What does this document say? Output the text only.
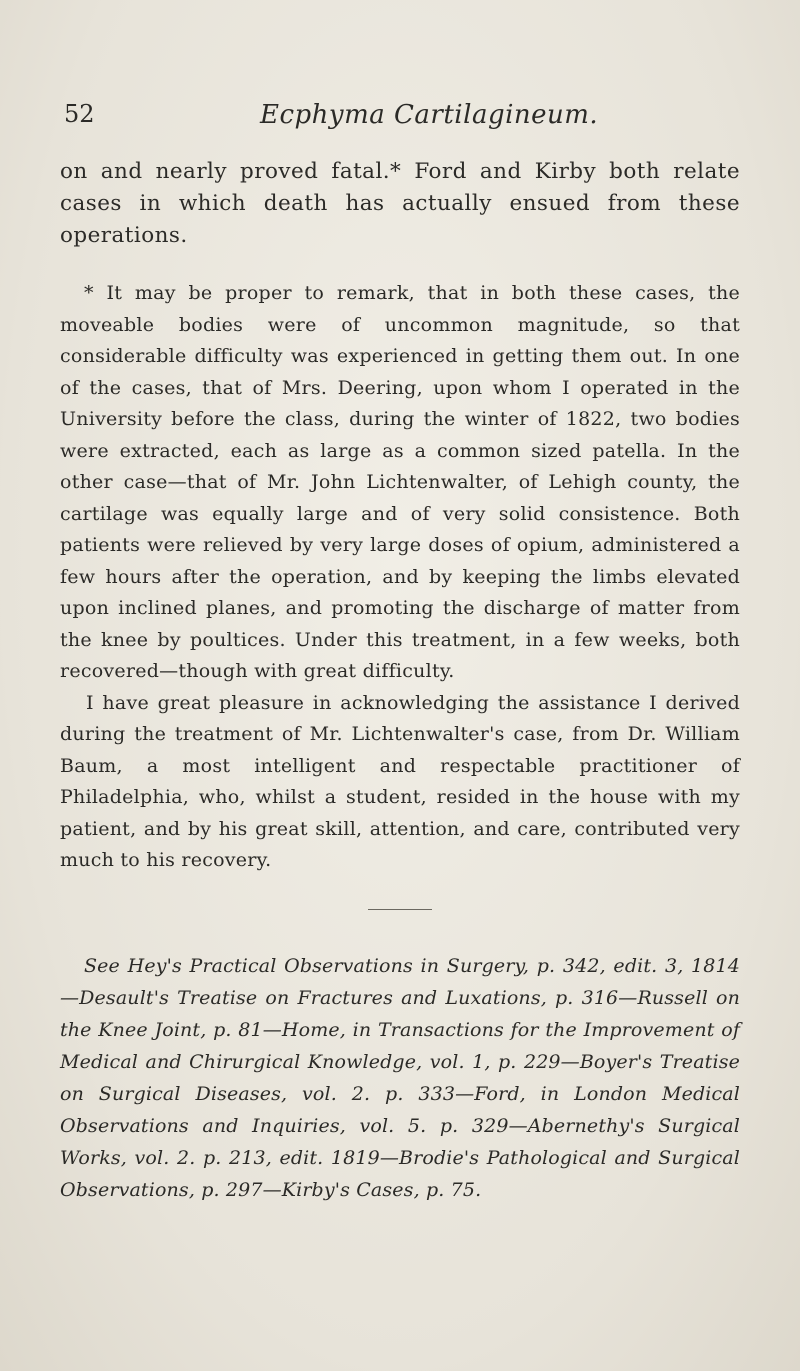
52	Ecphyma Cartilagineum.

on and nearly proved fatal.* Ford and Kirby both relate cases in which death has actually ensued from these operations.

* It may be proper to remark, that in both these cases, the moveable bodies were of uncommon magnitude, so that considerable difficulty was experienced in getting them out. In one of the cases, that of Mrs. Deering, upon whom I operated in the University before the class, during the winter of 1822, two bodies were extracted, each as large as a common sized patella. In the other case—that of Mr. John Lichtenwalter, of Lehigh county, the cartilage was equally large and of very solid consistence. Both patients were relieved by very large doses of opium, administered a few hours after the operation, and by keeping the limbs elevated upon inclined planes, and promoting the discharge of matter from the knee by poultices. Under this treatment, in a few weeks, both recovered—though with great difficulty.

I have great pleasure in acknowledging the assistance I derived during the treatment of Mr. Lichtenwalter's case, from Dr. William Baum, a most intelligent and respectable practitioner of Philadelphia, who, whilst a student, resided in the house with my patient, and by his great skill, attention, and care, contributed very much to his recovery.

See Hey's Practical Observations in Surgery, p. 342, edit. 3, 1814—Desault's Treatise on Fractures and Luxations, p. 316—Russell on the Knee Joint, p. 81—Home, in Transactions for the Improvement of Medical and Chirurgical Knowledge, vol. 1, p. 229—Boyer's Treatise on Surgical Diseases, vol. 2. p. 333—Ford, in London Medical Observations and Inquiries, vol. 5. p. 329—Abernethy's Surgical Works, vol. 2. p. 213, edit. 1819—Brodie's Pathological and Surgical Observations, p. 297—Kirby's Cases, p. 75.
